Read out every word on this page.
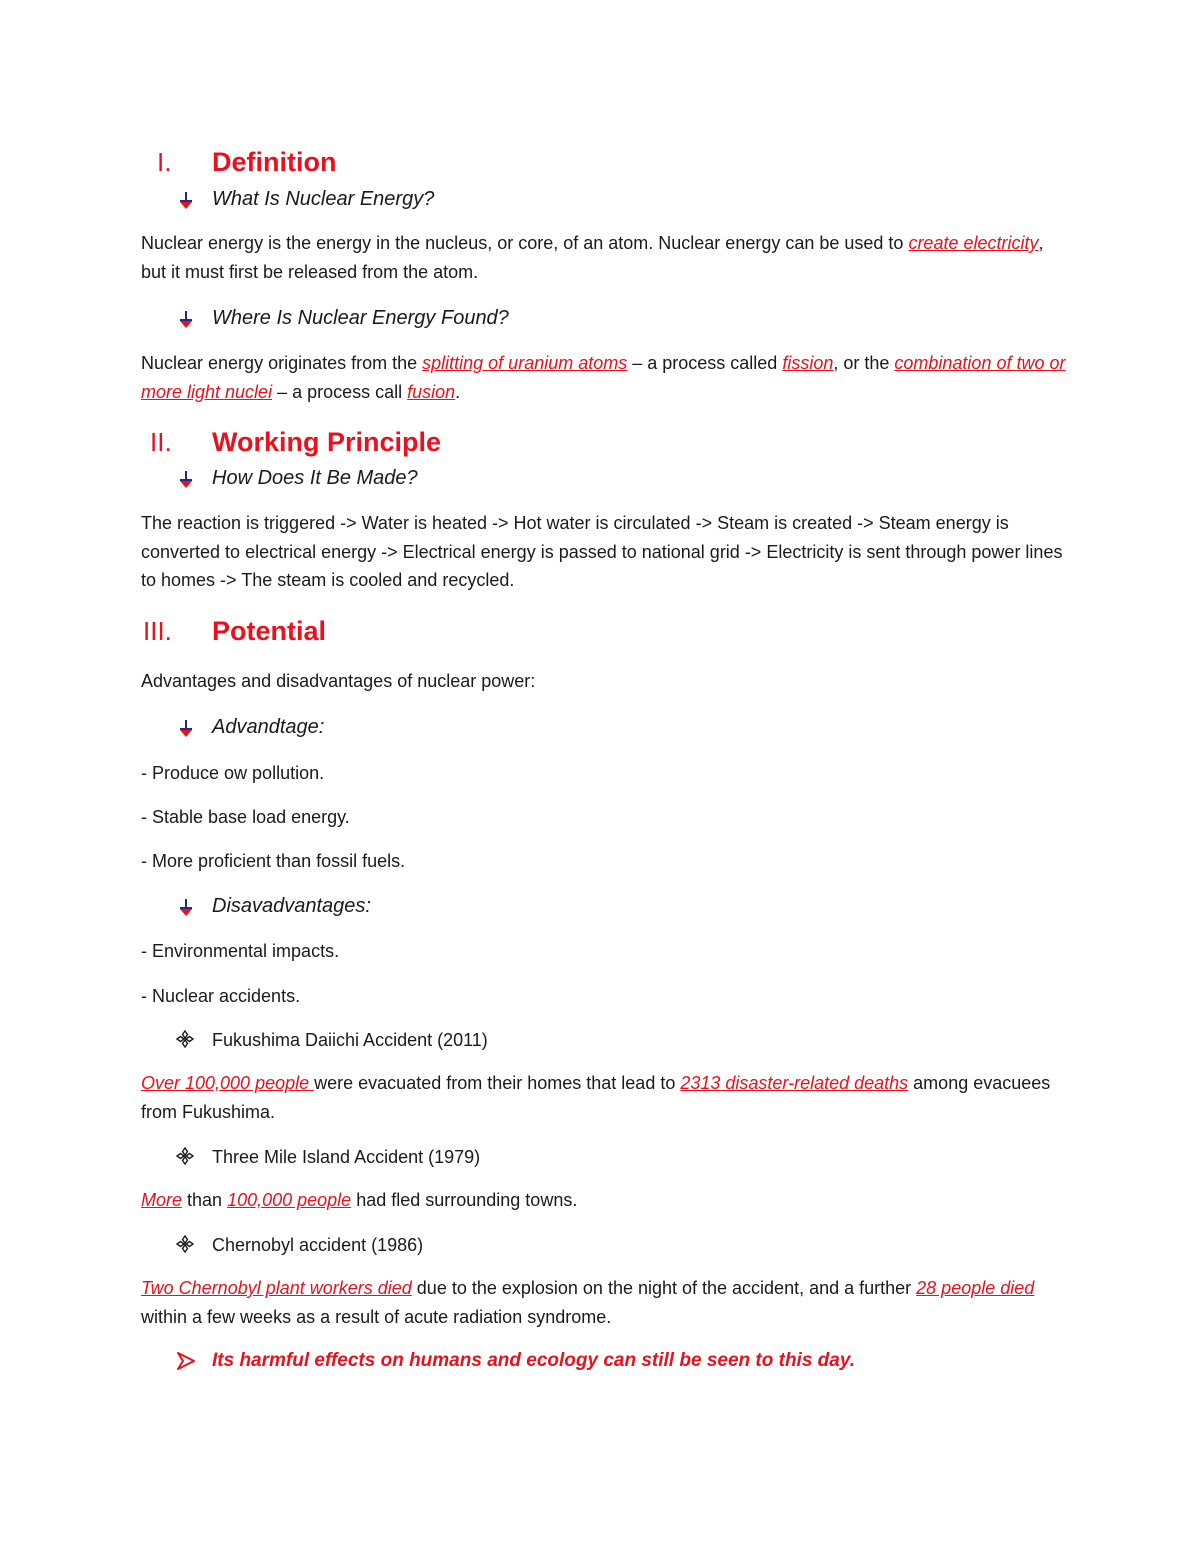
I. Definition
What Is Nuclear Energy?
Nuclear energy is the energy in the nucleus, or core, of an atom. Nuclear energy can be used to create electricity, but it must first be released from the atom.
Where Is Nuclear Energy Found?
Nuclear energy originates from the splitting of uranium atoms – a process called fission, or the combination of two or more light nuclei – a process call fusion.
II. Working Principle
How Does It Be Made?
The reaction is triggered -> Water is heated -> Hot water is circulated -> Steam is created -> Steam energy is converted to electrical energy -> Electrical energy is passed to national grid -> Electricity is sent through power lines to homes -> The steam is cooled and recycled.
III. Potential
Advantages and disadvantages of nuclear power:
Advandtage:
- Produce ow pollution.
- Stable base load energy.
- More proficient than fossil fuels.
Disavadvantages:
- Environmental impacts.
- Nuclear accidents.
Fukushima Daiichi Accident (2011)
Over 100,000 people were evacuated from their homes that lead to 2313 disaster-related deaths among evacuees from Fukushima.
Three Mile Island Accident (1979)
More than 100,000 people had fled surrounding towns.
Chernobyl accident (1986)
Two Chernobyl plant workers died due to the explosion on the night of the accident, and a further 28 people died within a few weeks as a result of acute radiation syndrome.
Its harmful effects on humans and ecology can still be seen to this day.
